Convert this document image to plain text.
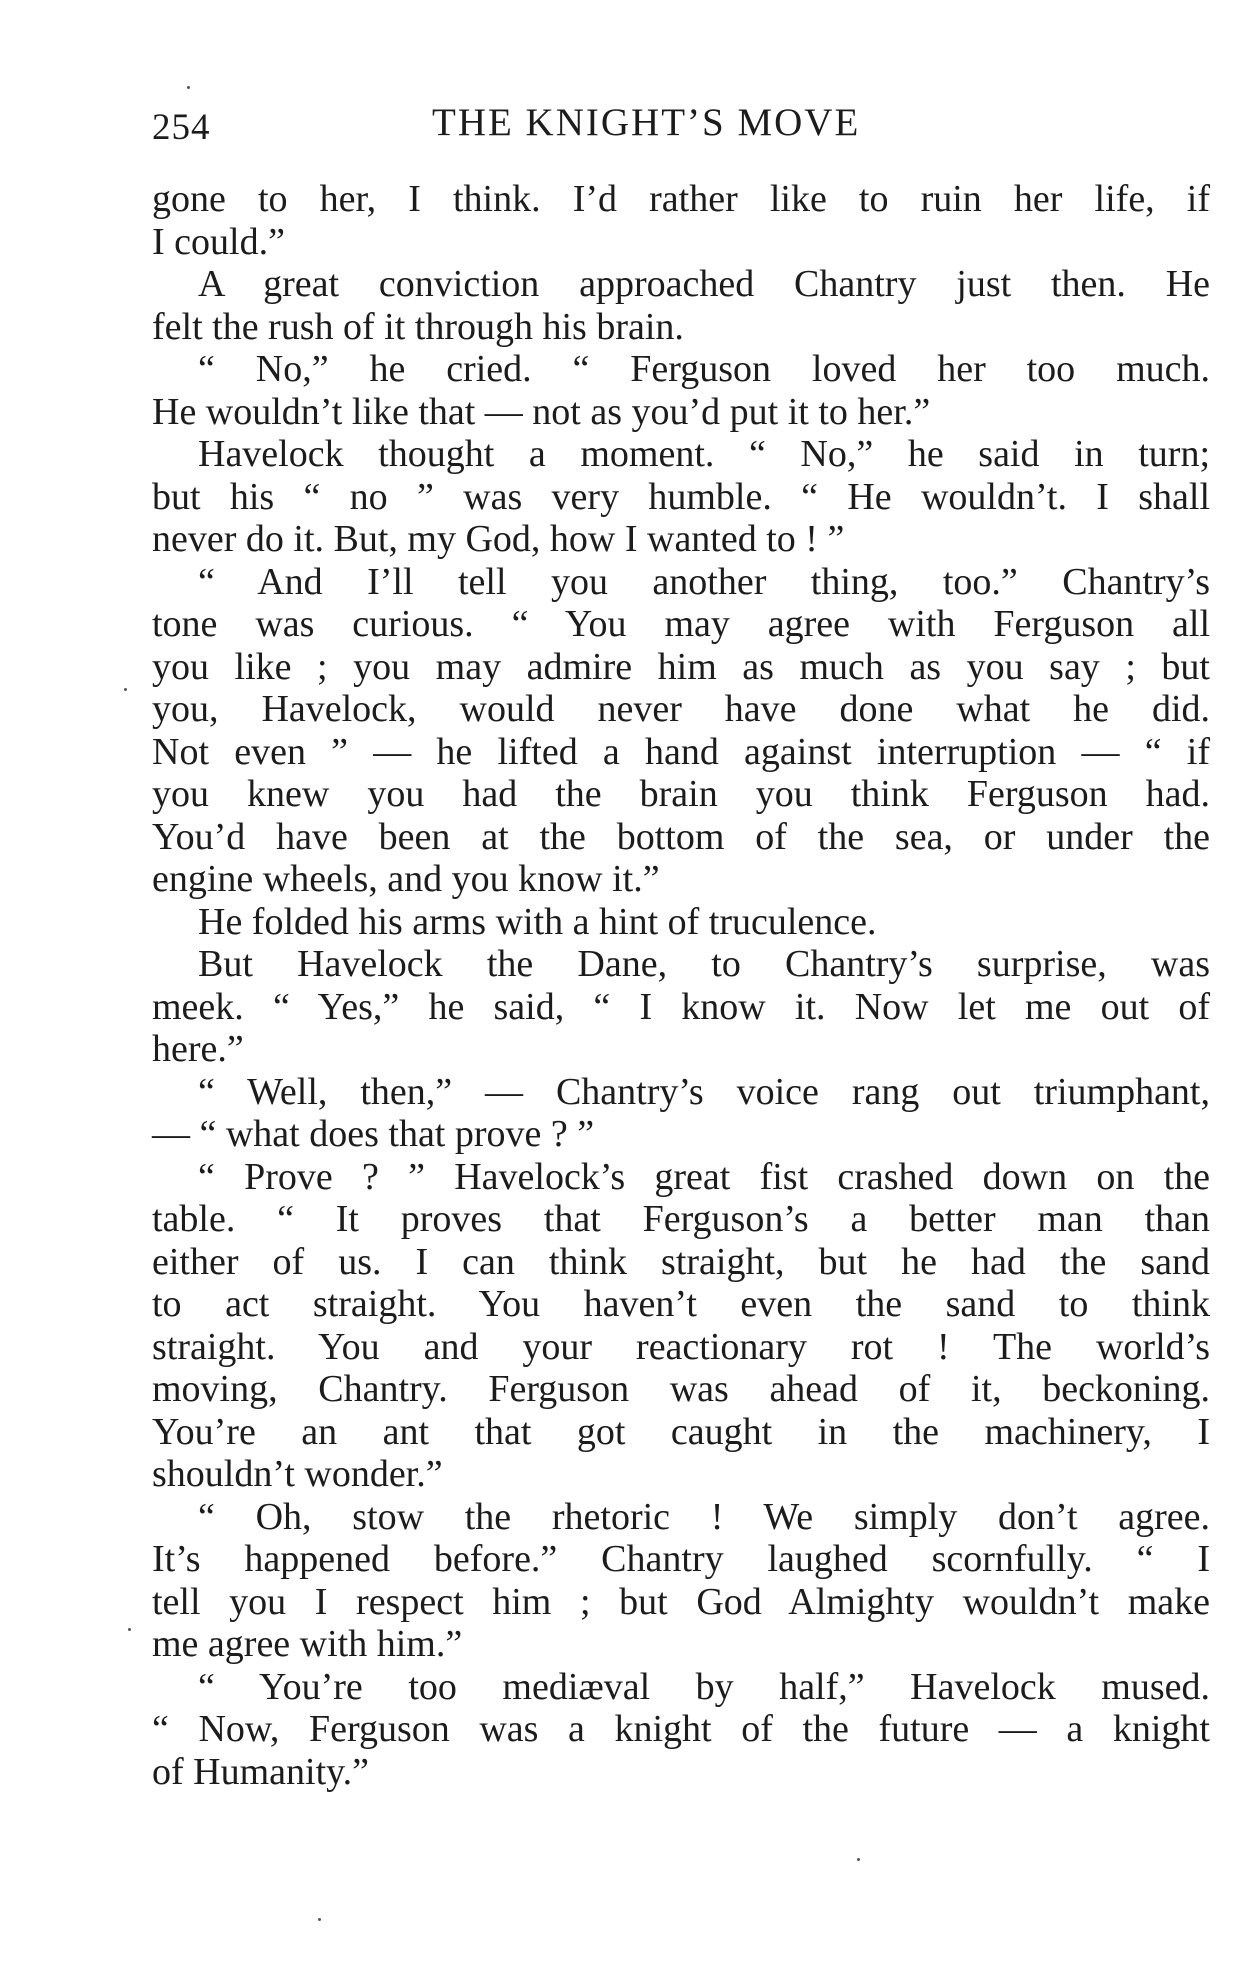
254	THE KNIGHT’S MOVE
gone to her, I think. I’d rather like to ruin her life, if
I could.”
A great conviction approached Chantry just then. He
felt the rush of it through his brain.
“ No,” he cried. “ Ferguson loved her too much.
He wouldn’t like that — not as you’d put it to her.”
Havelock thought a moment. “ No,” he said in turn;
but his “ no ” was very humble. “ He wouldn’t. I shall
never do it. But, my God, how I wanted to ! ”
“ And I’ll tell you another thing, too.” Chantry’s
tone was curious. “ You may agree with Ferguson all
you like ; you may admire him as much as you say ; but
you, Havelock, would never have done what he did.
Not even ” — he lifted a hand against interruption — “ if
you knew you had the brain you think Ferguson had.
You’d have been at the bottom of the sea, or under the
engine wheels, and you know it.”
He folded his arms with a hint of truculence.
But Havelock the Dane, to Chantry’s surprise, was
meek. “ Yes,” he said, “ I know it. Now let me out of
here.”
“ Well, then,” — Chantry’s voice rang out triumphant,
— “ what does that prove ? ”
“ Prove ? ” Havelock’s great fist crashed down on the
table. “ It proves that Ferguson’s a better man than
either of us. I can think straight, but he had the sand
to act straight. You haven’t even the sand to think
straight. You and your reactionary rot ! The world’s
moving, Chantry. Ferguson was ahead of it, beckoning.
You’re an ant that got caught in the machinery, I
shouldn’t wonder.”
“ Oh, stow the rhetoric ! We simply don’t agree.
It’s happened before.” Chantry laughed scornfully. “ I
tell you I respect him ; but God Almighty wouldn’t make
me agree with him.”
“ You’re too mediæval by half,” Havelock mused.
“ Now, Ferguson was a knight of the future — a knight
of Humanity.”
